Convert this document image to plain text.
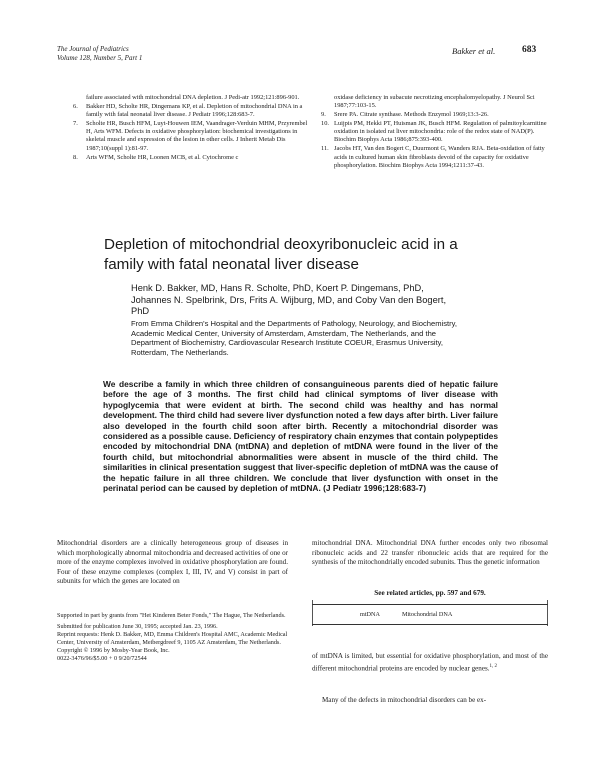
The Journal of Pediatrics
Volume 128, Number 5, Part 1
Bakker et al.	683
failure associated with mitochondrial DNA depletion. J Pedi-atr 1992;121:896-901.
6. Bakker HD, Scholte HR, Dingemans KP, et al. Depletion of mitochondrial DNA in a family with fatal neonatal liver disease. J Pediatr 1996;128:683-7.
7. Scholte HR, Busch HFM, Luyt-Houwen IEM, Vaandrager-Verduin MHM, Przyrembel H, Arts WFM. Defects in oxidative phosphorylation: biochemical investigations in skeletal muscle and expression of the lesion in other cells. J Inherit Metab Dis 1987;10(suppl 1):81-97.
8. Arts WFM, Scholte HR, Loonen MCB, et al. Cytochrome c
oxidase deficiency in subacute necrotizing encephalomyelopathy. J Neurol Sci 1987;77:103-15.
9. Srere PA. Citrate synthase. Methods Enzymol 1969;13:3-26.
10. Luijpis PM, Hekki PT, Huisman JK, Busch HFM. Regulation of palmitoylcarnitine oxidation in isolated rat liver mitochondria: role of the redox state of NAD(P). Biochim Biophys Acta 1986;875:393-400.
11. Jacobs HT, Van den Bogert C, Duurmont G, Wanders RJA. Beta-oxidation of fatty acids in cultured human skin fibroblasts devoid of the capacity for oxidative phosphorylation. Biochim Biophys Acta 1994;1211:37-43.
Depletion of mitochondrial deoxyribonucleic acid in a family with fatal neonatal liver disease
Henk D. Bakker, MD, Hans R. Scholte, PhD, Koert P. Dingemans, PhD, Johannes N. Spelbrink, Drs, Frits A. Wijburg, MD, and Coby Van den Bogert, PhD
From Emma Children's Hospital and the Departments of Pathology, Neurology, and Biochemistry, Academic Medical Center, University of Amsterdam, Amsterdam, The Netherlands, and the Department of Biochemistry, Cardiovascular Research Institute COEUR, Erasmus University, Rotterdam, The Netherlands.
We describe a family in which three children of consanguineous parents died of hepatic failure before the age of 3 months. The first child had clinical symptoms of liver disease with hypoglycemia that were evident at birth. The second child was healthy and has normal development. The third child had severe liver dysfunction noted a few days after birth. Liver failure also developed in the fourth child soon after birth. Recently a mitochondrial disorder was considered as a possible cause. Deficiency of respiratory chain enzymes that contain polypeptides encoded by mitochondrial DNA (mtDNA) and depletion of mtDNA were found in the liver of the fourth child, but mitochondrial abnormalities were absent in muscle of the third child. The similarities in clinical presentation suggest that liver-specific depletion of mtDNA was the cause of the hepatic failure in all three children. We conclude that liver dysfunction with onset in the perinatal period can be caused by depletion of mtDNA. (J Pediatr 1996;128:683-7)
Mitochondrial disorders are a clinically heterogeneous group of diseases in which morphologically abnormal mitochondria and decreased activities of one or more of the enzyme complexes involved in oxidative phosphorylation are found. Four of these enzyme complexes (complex I, III, IV, and V) consist in part of subunits for which the genes are located on

Supported in part by grants from "Het Kinderen Beter Fonds," The Hague, The Netherlands.

Submitted for publication June 30, 1995; accepted Jan. 23, 1996.

Reprint requests: Henk D. Bakker, MD, Emma Children's Hospital AMC, Academic Medical Center, University of Amsterdam, Meibergdreef 9, 1105 AZ Amsterdam, The Netherlands.

Copyright © 1996 by Mosby-Year Book, Inc.

0022-3476/96/$5.00 + 0 9/20/72544

mitochondrial DNA. Mitochondrial DNA further encodes only two ribosomal ribonucleic acids and 22 transfer ribonucleic acids that are required for the synthesis of the mitochondrially encoded subunits. Thus the genetic information
See related articles, pp. 597 and 679.
mtDNA	Mitochondrial DNA
of mtDNA is limited, but essential for oxidative phosphorylation, and most of the different mitochondrial proteins are encoded by nuclear genes.$^{1, 2}$
Many of the defects in mitochondrial disorders can be ex-
